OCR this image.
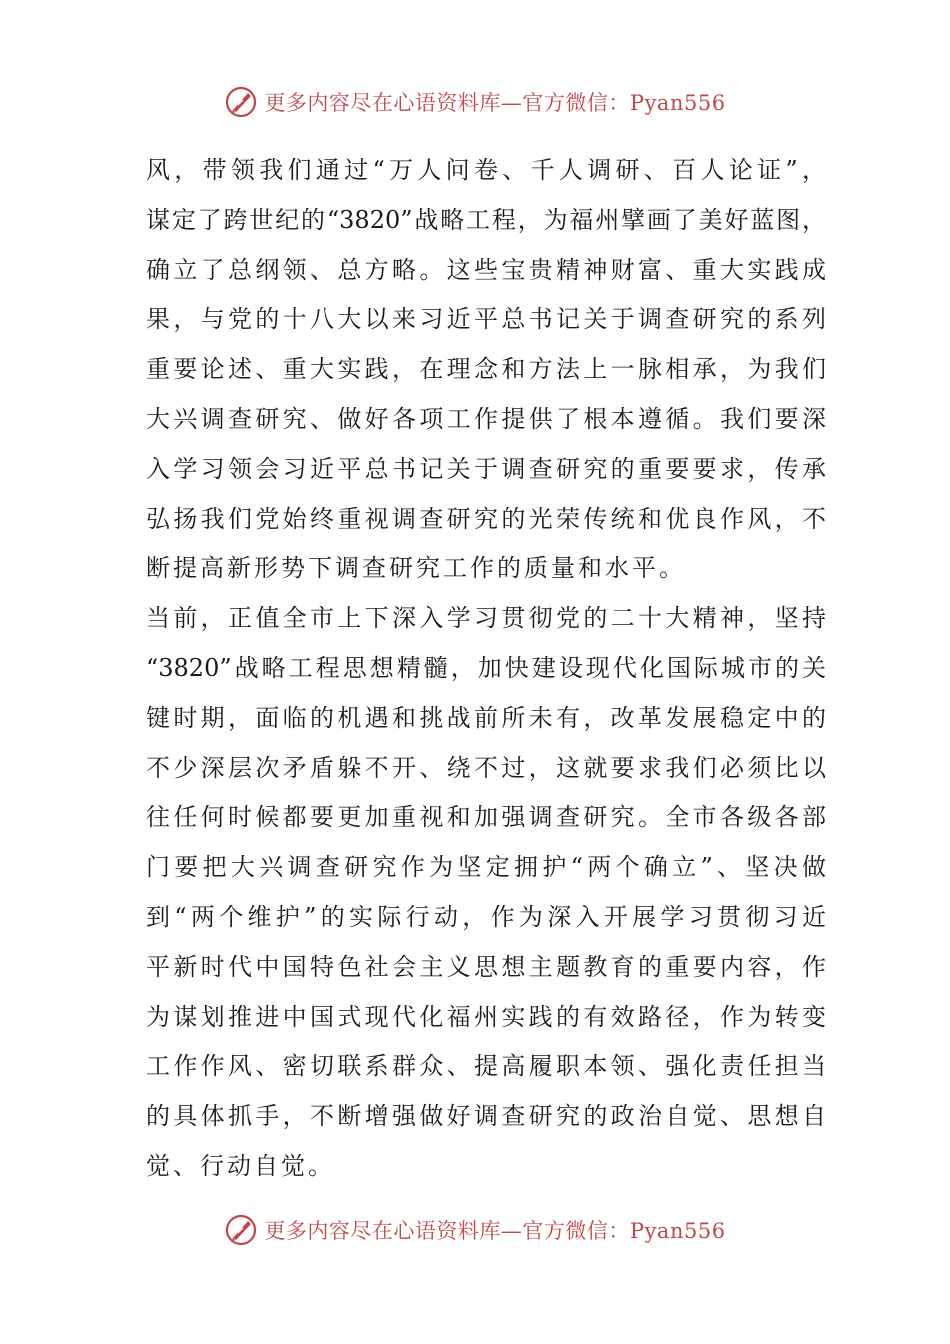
更多内容尽在心语资料库—官方微信：Pyan556
风，带领我们通过“万人问卷、千人调研、百人论证”，
谋定了跨世纪的“3820”战略工程，为福州擘画了美好蓝图，
确立了总纲领、总方略。这些宝贵精神财富、重大实践成
果，与党的十八大以来习近平总书记关于调查研究的系列
重要论述、重大实践，在理念和方法上一脉相承，为我们
大兴调查研究、做好各项工作提供了根本遵循。我们要深
入学习领会习近平总书记关于调查研究的重要要求，传承
弘扬我们党始终重视调查研究的光荣传统和优良作风，不
断提高新形势下调查研究工作的质量和水平。
当前，正值全市上下深入学习贯彻党的二十大精神，坚持
“3820”战略工程思想精髓，加快建设现代化国际城市的关
键时期，面临的机遇和挑战前所未有，改革发展稳定中的
不少深层次矛盾躲不开、绕不过，这就要求我们必须比以
往任何时候都要更加重视和加强调查研究。全市各级各部
门要把大兴调查研究作为坚定拥护“两个确立”、坚决做
到“两个维护”的实际行动，作为深入开展学习贯彻习近
平新时代中国特色社会主义思想主题教育的重要内容，作
为谋划推进中国式现代化福州实践的有效路径，作为转变
工作作风、密切联系群众、提高履职本领、强化责任担当
的具体抓手，不断增强做好调查研究的政治自觉、思想自
觉、行动自觉。
更多内容尽在心语资料库—官方微信：Pyan556
